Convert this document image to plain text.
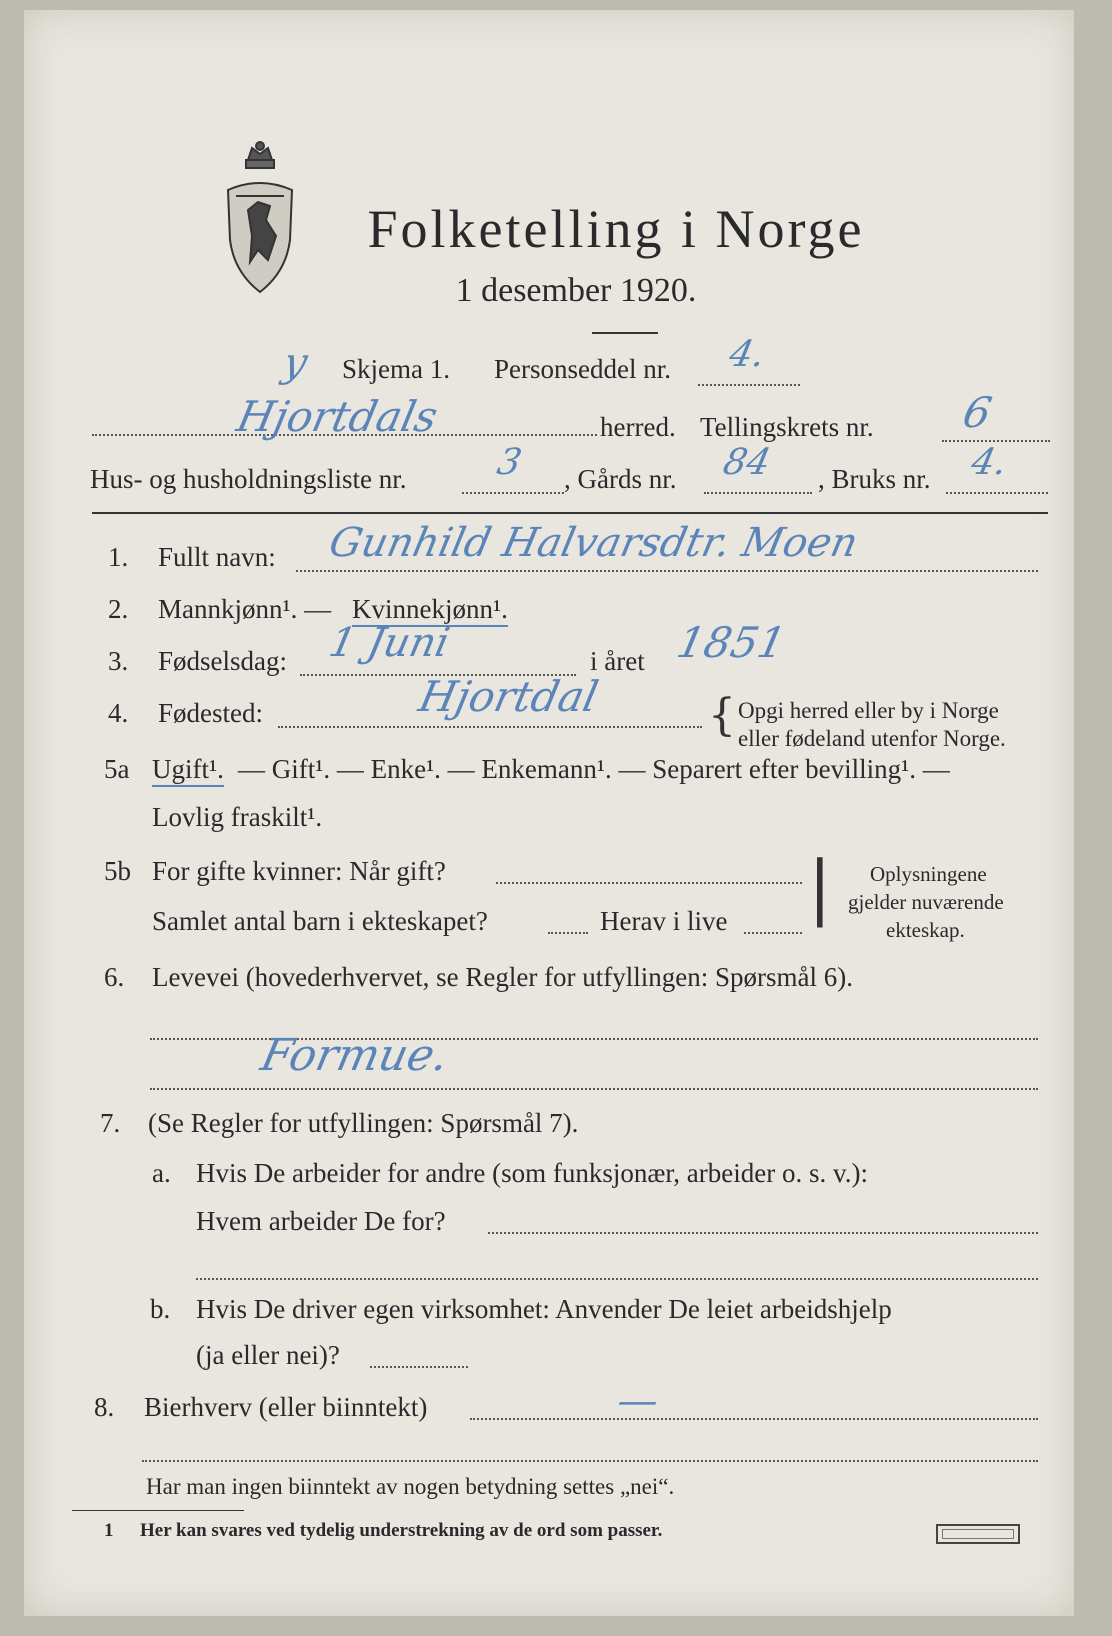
Folketelling i Norge
1 desember 1920.
y Skjema 1. Personseddel nr. 4.
Hjortdals	herred. Tellingskrets nr. 6
Hus- og husholdningsliste nr. 3 , Gårds nr. 84 , Bruks nr. 4.
1. Fullt navn: Gunhild Halvarsdtr. Moen
2. Mannkjønn¹. — Kvinnekjønn¹.
3. Fødselsdag: 1 Juni	i året 1851
4. Fødested:	Hjortdal { Opgi herred eller by i Norge
eller fødeland utenfor Norge.
5a Ugift¹. — Gift¹. — Enke¹. — Enkemann¹. — Separert efter bevilling¹. —
Lovlig fraskilt¹.
5b For gifte kvinner: Når gift?
Samlet antal barn i ekteskapet?	Herav i live | Oplysningene
gjelder nuværende
ekteskap.
6. Levevei (hovederhvervet, se Regler for utfyllingen: Spørsmål 6).
Formue.
7. (Se Regler for utfyllingen: Spørsmål 7).
a. Hvis De arbeider for andre (som funksjonær, arbeider o. s. v.):
Hvem arbeider De for?
b. Hvis De driver egen virksomhet: Anvender De leiet arbeidshjelp
(ja eller nei)?
8. Bierhverv (eller biinntekt)	—
Har man ingen biinntekt av nogen betydning settes „nei“.
1 Her kan svares ved tydelig understrekning av de ord som passer.
